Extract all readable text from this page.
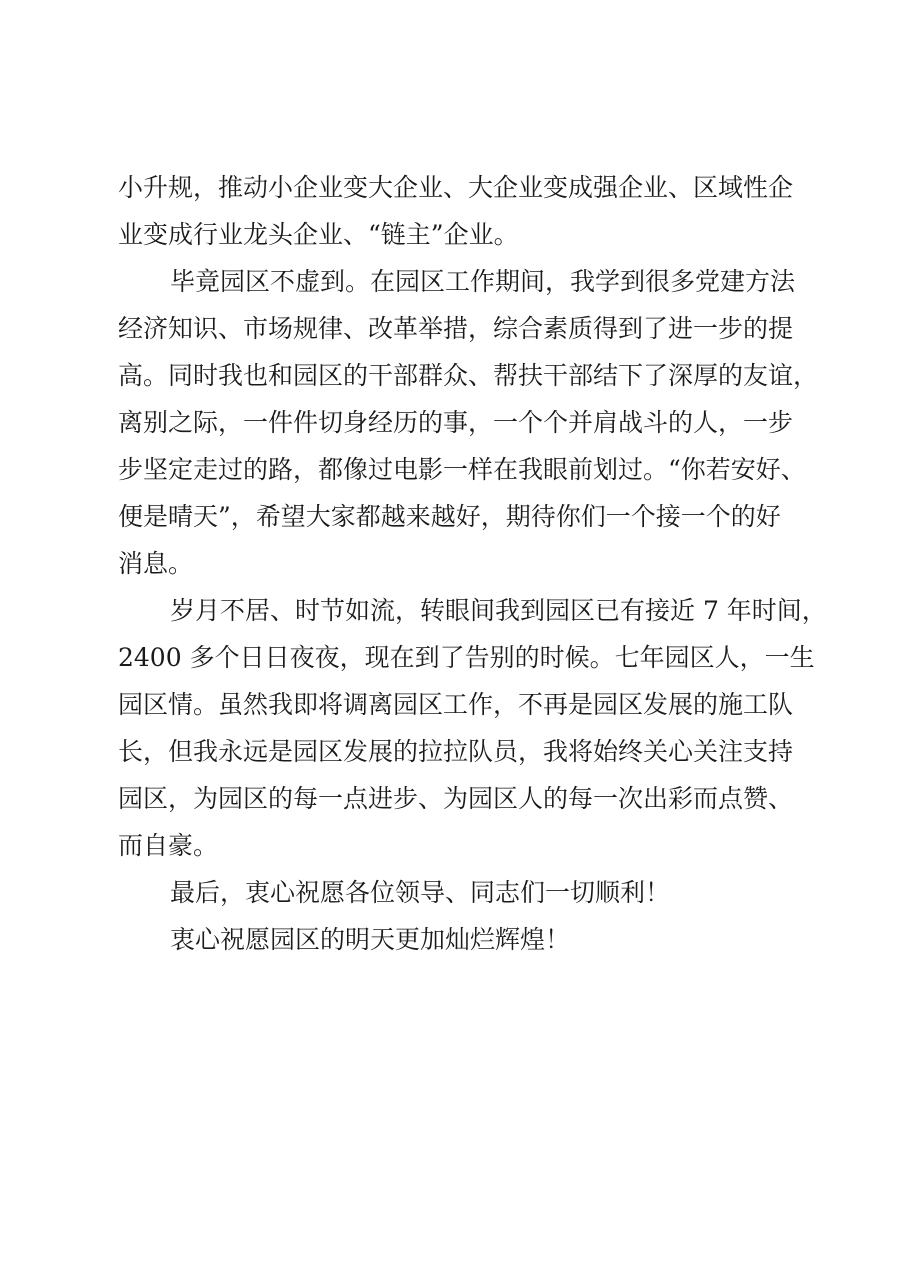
小升规，推动小企业变大企业、大企业变成强企业、区域性企
业变成行业龙头企业、“链主”企业。
毕竟园区不虚到。在园区工作期间，我学到很多党建方法
经济知识、市场规律、改革举措，综合素质得到了进一步的提
高。同时我也和园区的干部群众、帮扶干部结下了深厚的友谊，
离别之际，一件件切身经历的事，一个个并肩战斗的人，一步
步坚定走过的路，都像过电影一样在我眼前划过。“你若安好、
便是晴天”，希望大家都越来越好，期待你们一个接一个的好
消息。
岁月不居、时节如流，转眼间我到园区已有接近 7 年时间，
2400 多个日日夜夜，现在到了告别的时候。七年园区人，一生
园区情。虽然我即将调离园区工作，不再是园区发展的施工队
长，但我永远是园区发展的拉拉队员，我将始终关心关注支持
园区，为园区的每一点进步、为园区人的每一次出彩而点赞、
而自豪。
最后，衷心祝愿各位领导、同志们一切顺利！
衷心祝愿园区的明天更加灿烂辉煌！
